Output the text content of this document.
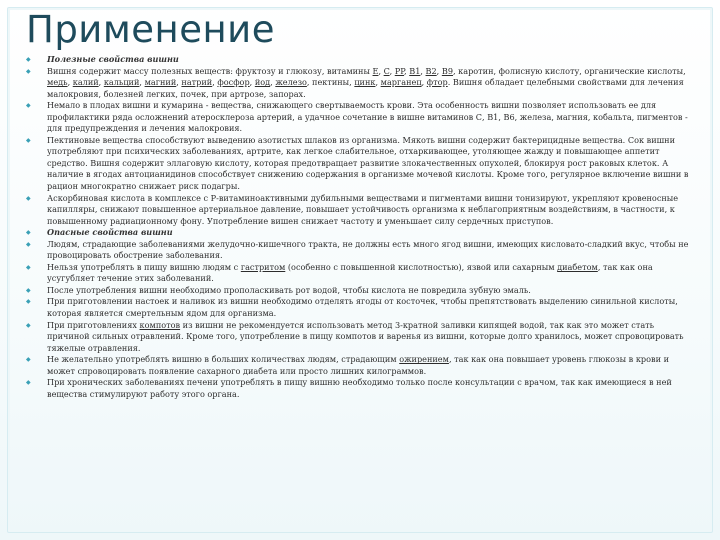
Применение
◆ Полезные свойства вишни
◆ Вишня содержит массу полезных веществ: фруктозу и глюкозу, витамины E, C, PP, B1, B2, B9, каротин, фолисную кислоту, органические кислоты, медь, калий, кальций, магний, натрий, фосфор, йод, железо, пектины, цинк, марганец, фтор. Вишня обладает целебными свойствами для лечения малокровия, болезней легких, почек, при артрозе, запорах.
◆ Немало в плодах вишни и кумарина - вещества, снижающего свертываемость крови. Эта особенность вишни позволяет использовать ее для профилактики ряда осложнений атеросклероза артерий, а удачное сочетание в вишне витаминов С, В1, В6, железа, магния, кобальта, пигментов - для предупреждения и лечения малокровия.
◆ Пектиновые вещества способствуют выведению азотистых шлаков из организма. Мякоть вишни содержит бактерицидные вещества. Сок вишни употребляют при психических заболеваниях, артрите, как легкое слабительное, отхаркивающее, утоляющее жажду и повышающее аппетит средство. Вишня содержит эллаговую кислоту, которая предотвращает развитие злокачественных опухолей, блокируя рост раковых клеток. А наличие в ягодах антоцианидинов способствует снижению содержания в организме мочевой кислоты. Кроме того, регулярное включение вишни в рацион многократно снижает риск подагры.
◆ Аскорбиновая кислота в комплексе с Р-витаминоактивными дубильными веществами и пигментами вишни тонизируют, укрепляют кровеносные капилляры, снижают повышенное артериальное давление, повышает устойчивость организма к неблагоприятным воздействиям, в частности, к повышенному радиационному фону. Употребление вишен снижает частоту и уменьшает силу сердечных приступов.
◆ Опасные свойства вишни
◆ Людям, страдающие заболеваниями желудочно-кишечного тракта, не должны есть много ягод вишни, имеющих кисловато-сладкий вкус, чтобы не провоцировать обострение заболевания.
◆ Нельзя употреблять в пищу вишню людям с гастритом (особенно с повышенной кислотностью), язвой или сахарным диабетом, так как она усугубляет течение этих заболеваний.
◆ После употребления вишни необходимо прополаскивать рот водой, чтобы кислота не повредила зубную эмаль.
◆ При приготовлении настоек и наливок из вишни необходимо отделять ягоды от косточек, чтобы препятствовать выделению синильной кислоты, которая является смертельным ядом для организма.
◆ При приготовлениях компотов из вишни не рекомендуется использовать метод 3-кратной заливки кипящей водой, так как это может стать причиной сильных отравлений. Кроме того, употребление в пищу компотов и варенья из вишни, которые долго хранилось, может спровоцировать тяжелые отравления.
◆ Не желательно употреблять вишню в больших количествах людям, страдающим ожирением, так как она повышает уровень глюкозы в крови и может спровоцировать появление сахарного диабета или просто лишних килограммов.
◆ При хронических заболеваниях печени употреблять в пищу вишню необходимо только после консультации с врачом, так как имеющиеся в ней вещества стимулируют работу этого органа.
